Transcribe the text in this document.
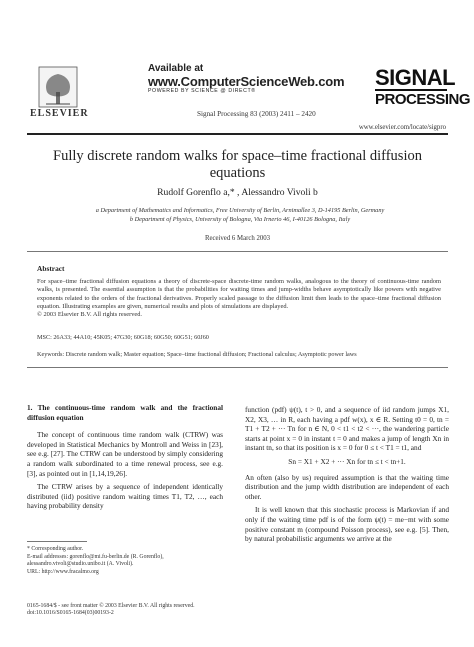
ELSEVIER
Available at
www.ComputerScienceWeb.com
POWERED BY SCIENCE @ DIRECT®
Signal Processing 83 (2003) 2411 – 2420
SIGNAL
PROCESSING
www.elsevier.com/locate/sigpro
Fully discrete random walks for space–time fractional diffusion equations
Rudolf Gorenflo a,* , Alessandro Vivoli b
a Department of Mathematics and Informatics, Free University of Berlin, Arnimallee 3, D-14195 Berlin, Germany
b Department of Physics, University of Bologna, Via Irnerio 46, I-40126 Bologna, Italy
Received 6 March 2003
Abstract
For space–time fractional diffusion equations a theory of discrete-space discrete-time random walks, analogous to the theory of continuous-time random walks, is presented. The essential assumption is that the probabilities for waiting times and jump-widths behave asymptotically like powers with negative exponents related to the orders of the fractional derivatives. Properly scaled passage to the diffusion limit then leads to the space–time fractional diffusion equation. Illustrating examples are given, numerical results and plots of simulations are displayed.
© 2003 Elsevier B.V. All rights reserved.
MSC: 26A33; 44A10; 45K05; 47G30; 60G18; 60G50; 60G51; 60J60
Keywords: Discrete random walk; Master equation; Space–time fractional diffusion; Fractional calculus; Asymptotic power laws
1. The continuous-time random walk and the fractional diffusion equation

The concept of continuous time random walk (CTRW) was developed in Statistical Mechanics by Montroll and Weiss in [23], see e.g. [27]. The CTRW can be understood by simply considering a random walk subordinated to a time renewal process, see e.g. [3], as pointed out in [1,14,19,26].

The CTRW arises by a sequence of independent identically distributed (iid) positive random waiting times T1, T2, …, each having probability density

* Corresponding author.
E-mail addresses: gorenflo@mi.fu-berlin.de (R. Gorenflo),
alessandro.vivoli@studio.unibo.it (A. Vivoli).
URL: http://www.fracalmo.org

function (pdf) ψ(t), t > 0, and a sequence of iid random jumps X1, X2, X3, … in R, each having a pdf w(x), x ∈ R. Setting t0 = 0, tn = T1 + T2 + ··· Tn for n ∈ N, 0 < t1 < t2 < ···, the wandering particle starts at point x = 0 in instant t = 0 and makes a jump of length Xn in instant tn, so that its position is x = 0 for 0 ≤ t < T1 = t1, and

Sn = X1 + X2 + ··· Xn for tn ≤ t < tn+1.

An often (also by us) required assumption is that the waiting time distribution and the jump width distribution are independent of each other.

It is well known that this stochastic process is Markovian if and only if the waiting time pdf is of the form ψ(t) = me−mt with some positive constant m (compound Poisson process), see e.g. [5]. Then, by natural probabilistic arguments we arrive at the

0165-1684/$ - see front matter © 2003 Elsevier B.V. All rights reserved.
doi:10.1016/S0165-1684(03)00193-2
